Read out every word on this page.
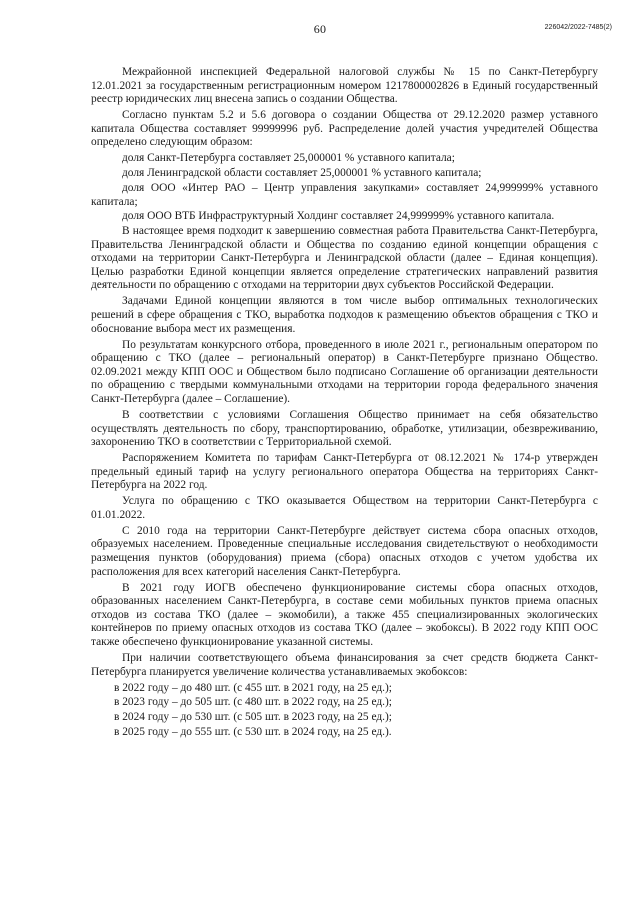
60	226042/2022-7485(2)

Межрайонной инспекцией Федеральной налоговой службы № 15 по Санкт-Петербургу 12.01.2021 за государственным регистрационным номером 1217800002826 в Единый государственный реестр юридических лиц внесена запись о создании Общества.

Согласно пунктам 5.2 и 5.6 договора о создании Общества от 29.12.2020 размер уставного капитала Общества составляет 99999996 руб. Распределение долей участия учредителей Общества определено следующим образом:

доля Санкт-Петербурга составляет 25,000001 % уставного капитала;

доля Ленинградской области составляет 25,000001 % уставного капитала;

доля ООО «Интер РАО – Центр управления закупками» составляет 24,999999% уставного капитала;

доля ООО ВТБ Инфраструктурный Холдинг составляет 24,999999% уставного капитала.

В настоящее время подходит к завершению совместная работа Правительства Санкт-Петербурга, Правительства Ленинградской области и Общества по созданию единой концепции обращения с отходами на территории Санкт-Петербурга и Ленинградской области (далее – Единая концепция). Целью разработки Единой концепции является определение стратегических направлений развития деятельности по обращению с отходами на территории двух субъектов Российской Федерации.

Задачами Единой концепции являются в том числе выбор оптимальных технологических решений в сфере обращения с ТКО, выработка подходов к размещению объектов обращения с ТКО и обоснование выбора мест их размещения.

По результатам конкурсного отбора, проведенного в июле 2021 г., региональным оператором по обращению с ТКО (далее – региональный оператор) в Санкт-Петербурге признано Общество. 02.09.2021 между КПП ООС и Обществом было подписано Соглашение об организации деятельности по обращению с твердыми коммунальными отходами на территории города федерального значения Санкт-Петербурга (далее – Соглашение).

В соответствии с условиями Соглашения Общество принимает на себя обязательство осуществлять деятельность по сбору, транспортированию, обработке, утилизации, обезвреживанию, захоронению ТКО в соответствии с Территориальной схемой.

Распоряжением Комитета по тарифам Санкт-Петербурга от 08.12.2021 № 174-р утвержден предельный единый тариф на услугу регионального оператора Общества на территориях Санкт-Петербурга на 2022 год.

Услуга по обращению с ТКО оказывается Обществом на территории Санкт-Петербурга с 01.01.2022.

С 2010 года на территории Санкт-Петербурге действует система сбора опасных отходов, образуемых населением. Проведенные специальные исследования свидетельствуют о необходимости размещения пунктов (оборудования) приема (сбора) опасных отходов с учетом удобства их расположения для всех категорий населения Санкт-Петербурга.

В 2021 году ИОГВ обеспечено функционирование системы сбора опасных отходов, образованных населением Санкт-Петербурга, в составе семи мобильных пунктов приема опасных отходов из состава ТКО (далее – экомобили), а также 455 специализированных экологических контейнеров по приему опасных отходов из состава ТКО (далее – экобоксы). В 2022 году КПП ООС также обеспечено функционирование указанной системы.

При наличии соответствующего объема финансирования за счет средств бюджета Санкт-Петербурга планируется увеличение количества устанавливаемых экобоксов:

в 2022 году – до 480 шт. (с 455 шт. в 2021 году, на 25 ед.);

в 2023 году – до 505 шт. (с 480 шт. в 2022 году, на 25 ед.);

в 2024 году – до 530 шт. (с 505 шт. в 2023 году, на 25 ед.);

в 2025 году – до 555 шт. (с 530 шт. в 2024 году, на 25 ед.).
